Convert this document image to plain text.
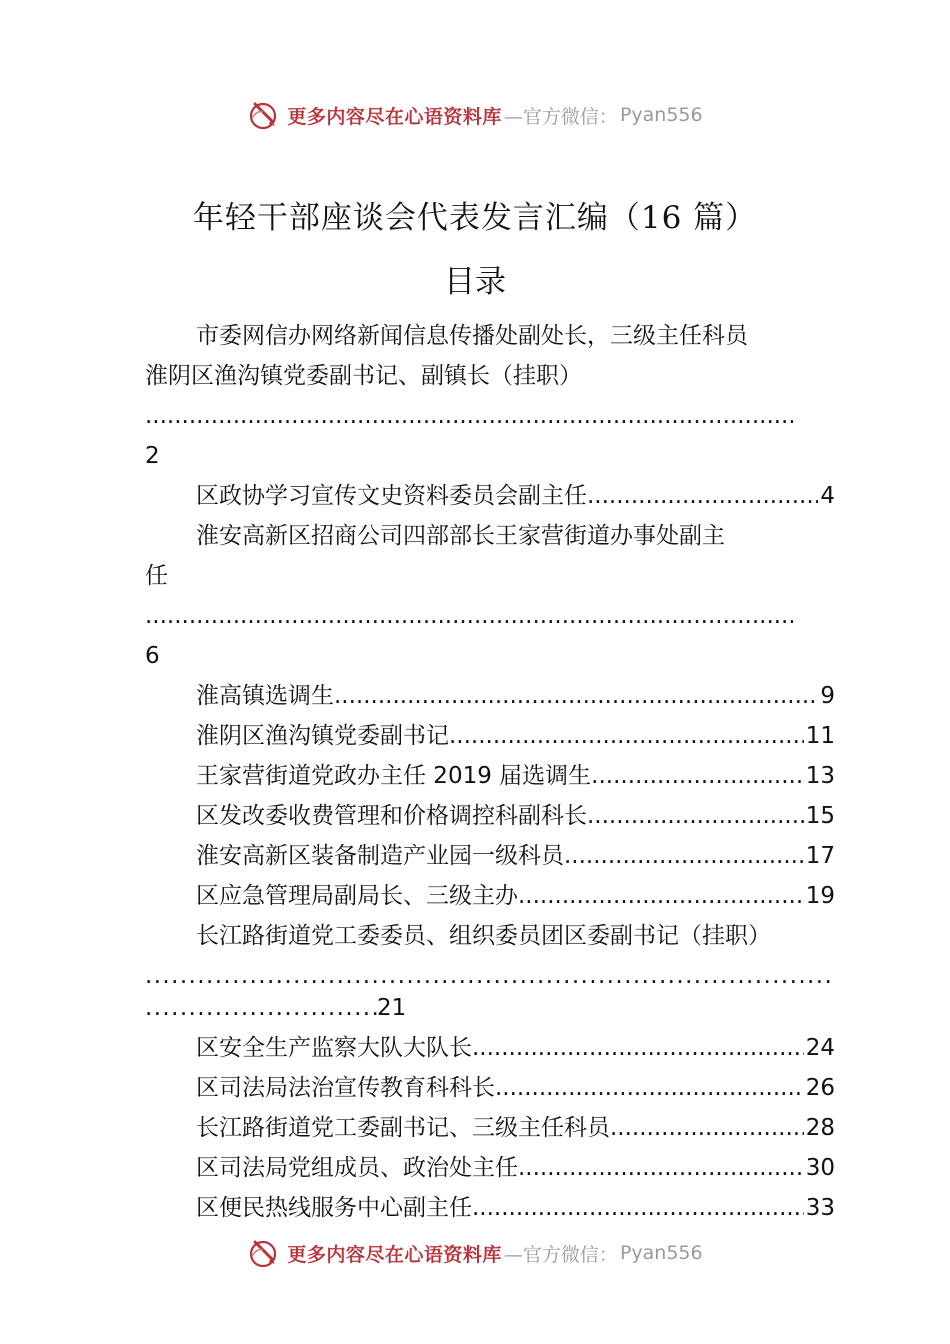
更多内容尽在心语资料库 —官方微信： Pyan556
年轻干部座谈会代表发言汇编（16 篇）
目录
市委网信办网络新闻信息传播处副处长，三级主任科员
淮阴区渔沟镇党委副书记、副镇长（挂职）
.....
2
区政协学习宣传文史资料委员会副主任 .....	4
淮安高新区招商公司四部部长王家营街道办事处副主
任
.....
6
淮高镇选调生 .....	9
淮阴区渔沟镇党委副书记 .....	11
王家营街道党政办主任 2019 届选调生 .....	13
区发改委收费管理和价格调控科副科长 .....	15
淮安高新区装备制造产业园一级科员 .....	17
区应急管理局副局长、三级主办 .....	19
长江路街道党工委委员、组织委员团区委副书记（挂职）
.....
.....21
区安全生产监察大队大队长 .....	24
区司法局法治宣传教育科科长 .....	26
长江路街道党工委副书记、三级主任科员 .....	28
区司法局党组成员、政治处主任 .....	30
区便民热线服务中心副主任 .....	33
更多内容尽在心语资料库 —官方微信： Pyan556
